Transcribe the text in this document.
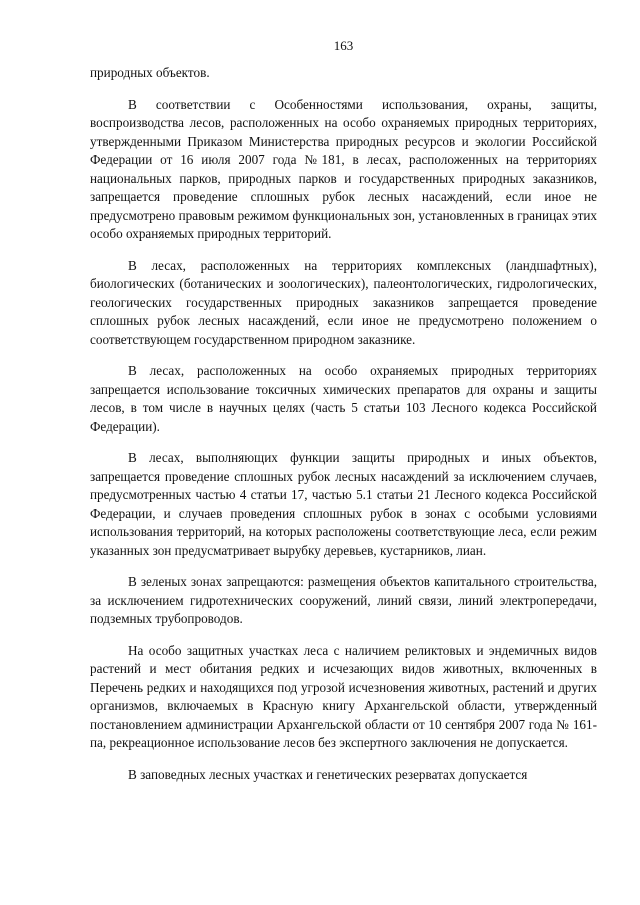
163

природных объектов.

В соответствии с Особенностями использования, охраны, защиты, воспроизводства лесов, расположенных на особо охраняемых природных территориях, утвержденными Приказом Министерства природных ресурсов и экологии Российской Федерации от 16 июля 2007 года №181, в лесах, расположенных на территориях национальных парков, природных парков и государственных природных заказников, запрещается проведение сплошных рубок лесных насаждений, если иное не предусмотрено правовым режимом функциональных зон, установленных в границах этих особо охраняемых природных территорий.

В лесах, расположенных на территориях комплексных (ландшафтных), биологических (ботанических и зоологических), палеонтологических, гидрологических, геологических государственных природных заказников запрещается проведение сплошных рубок лесных насаждений, если иное не предусмотрено положением о соответствующем государственном природном заказнике.

В лесах, расположенных на особо охраняемых природных территориях запрещается использование токсичных химических препаратов для охраны и защиты лесов, в том числе в научных целях (часть 5 статьи 103 Лесного кодекса Российской Федерации).

В лесах, выполняющих функции защиты природных и иных объектов, запрещается проведение сплошных рубок лесных насаждений за исключением случаев, предусмотренных частью 4 статьи 17, частью 5.1 статьи 21 Лесного кодекса Российской Федерации, и случаев проведения сплошных рубок в зонах с особыми условиями использования территорий, на которых расположены соответствующие леса, если режим указанных зон предусматривает вырубку деревьев, кустарников, лиан.

В зеленых зонах запрещаются: размещения объектов капитального строительства, за исключением гидротехнических сооружений, линий связи, линий электропередачи, подземных трубопроводов.

На особо защитных участках леса с наличием реликтовых и эндемичных видов растений и мест обитания редких и исчезающих видов животных, включенных в Перечень редких и находящихся под угрозой исчезновения животных, растений и других организмов, включаемых в Красную книгу Архангельской области, утвержденный постановлением администрации Архангельской области от 10 сентября 2007 года № 161-па, рекреационное использование лесов без экспертного заключения не допускается.

В заповедных лесных участках и генетических резерватах допускается
